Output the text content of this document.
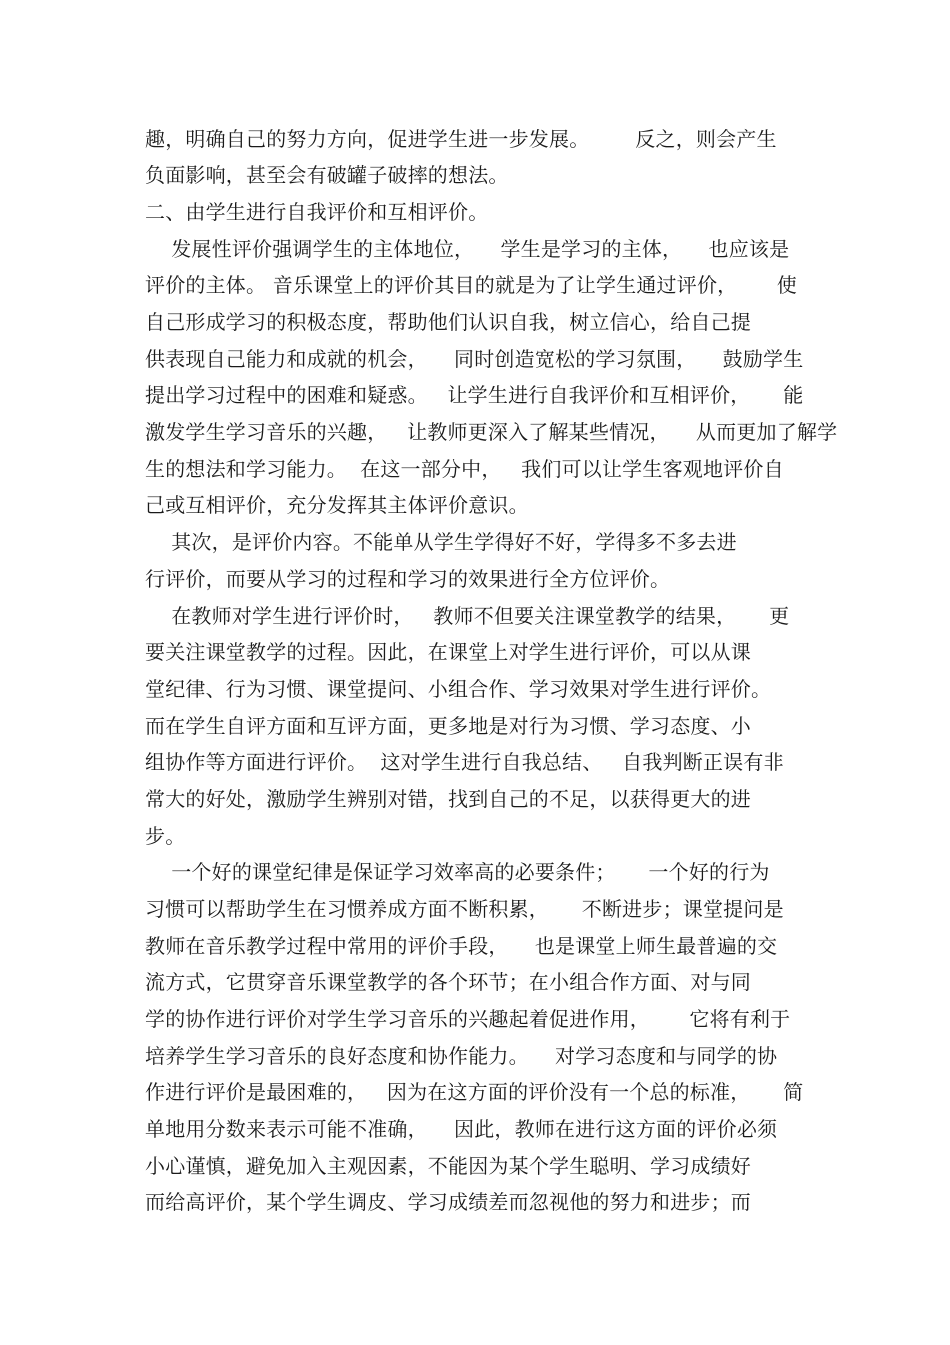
趣，明确自己的努力方向，促进学生进一步发展。       反之，则会产生
负面影响，甚至会有破罐子破摔的想法。
二、由学生进行自我评价和互相评价。
发展性评价强调学生的主体地位，    学生是学习的主体，    也应该是
评价的主体。 音乐课堂上的评价其目的就是为了让学生通过评价，      使
自己形成学习的积极态度，帮助他们认识自我，树立信心，给自己提
供表现自己能力和成就的机会，    同时创造宽松的学习氛围，    鼓励学生
提出学习过程中的困难和疑惑。   让学生进行自我评价和互相评价，     能
激发学生学习音乐的兴趣，   让教师更深入了解某些情况，    从而更加了解学
生的想法和学习能力。  在这一部分中，   我们可以让学生客观地评价自
己或互相评价，充分发挥其主体评价意识。
其次，是评价内容。不能单从学生学得好不好，学得多不多去进
行评价，而要从学习的过程和学习的效果进行全方位评价。
在教师对学生进行评价时，   教师不但要关注课堂教学的结果，     更
要关注课堂教学的过程。因此，在课堂上对学生进行评价，可以从课
堂纪律、行为习惯、课堂提问、小组合作、学习效果对学生进行评价。
而在学生自评方面和互评方面，更多地是对行为习惯、学习态度、小
组协作等方面进行评价。  这对学生进行自我总结、   自我判断正误有非
常大的好处，激励学生辨别对错，找到自己的不足，以获得更大的进
步。
一个好的课堂纪律是保证学习效率高的必要条件；     一个好的行为
习惯可以帮助学生在习惯养成方面不断积累，     不断进步；课堂提问是
教师在音乐教学过程中常用的评价手段，    也是课堂上师生最普遍的交
流方式，它贯穿音乐课堂教学的各个环节；在小组合作方面、对与同
学的协作进行评价对学生学习音乐的兴趣起着促进作用，      它将有利于
培养学生学习音乐的良好态度和协作能力。    对学习态度和与同学的协
作进行评价是最困难的，   因为在这方面的评价没有一个总的标准，     简
单地用分数来表示可能不准确，    因此，教师在进行这方面的评价必须
小心谨慎，避免加入主观因素，不能因为某个学生聪明、学习成绩好
而给高评价，某个学生调皮、学习成绩差而忽视他的努力和进步；而
